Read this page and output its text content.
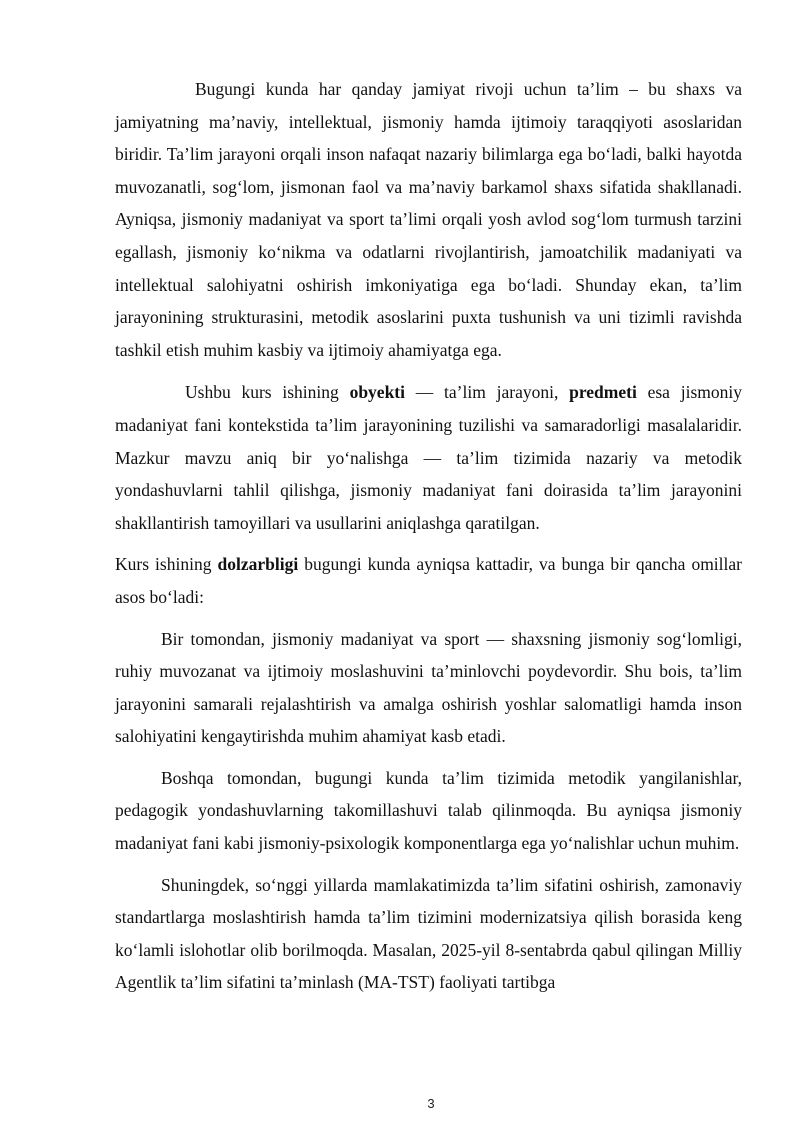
Bugungi kunda har qanday jamiyat rivoji uchun ta’lim – bu shaxs va jamiyatning ma’naviy, intellektual, jismoniy hamda ijtimoiy taraqqiyoti asoslaridan biridir. Ta’lim jarayoni orqali inson nafaqat nazariy bilimlarga ega bo‘ladi, balki hayotda muvozanatli, sog‘lom, jismonan faol va ma’naviy barkamol shaxs sifatida shakllanadi. Ayniqsa, jismoniy madaniyat va sport ta’limi orqali yosh avlod sog‘lom turmush tarzini egallash, jismoniy ko‘nikma va odatlarni rivojlantirish, jamoatchilik madaniyati va intellektual salohiyatni oshirish imkoniyatiga ega bo‘ladi. Shunday ekan, ta’lim jarayonining strukturasini, metodik asoslarini puxta tushunish va uni tizimli ravishda tashkil etish muhim kasbiy va ijtimoiy ahamiyatga ega.

Ushbu kurs ishining obyekti — ta’lim jarayoni, predmeti esa jismoniy madaniyat fani kontekstida ta’lim jarayonining tuzilishi va samaradorligi masalalaridir. Mazkur mavzu aniq bir yo‘nalishga — ta’lim tizimida nazariy va metodik yondashuvlarni tahlil qilishga, jismoniy madaniyat fani doirasida ta’lim jarayonini shakllantirish tamoyillari va usullarini aniqlashga qaratilgan.

Kurs ishining dolzarbligi bugungi kunda ayniqsa kattadir, va bunga bir qancha omillar asos bo‘ladi:

Bir tomondan, jismoniy madaniyat va sport — shaxsning jismoniy sog‘lomligi, ruhiy muvozanat va ijtimoiy moslashuvini ta’minlovchi poydevordir. Shu bois, ta’lim jarayonini samarali rejalashtirish va amalga oshirish yoshlar salomatligi hamda inson salohiyatini kengaytirishda muhim ahamiyat kasb etadi.

Boshqa tomondan, bugungi kunda ta’lim tizimida metodik yangilanishlar, pedagogik yondashuvlarning takomillashuvi talab qilinmoqda. Bu ayniqsa jismoniy madaniyat fani kabi jismoniy-psixologik komponentlarga ega yo‘nalishlar uchun muhim.

Shuningdek, so‘nggi yillarda mamlakatimizda ta’lim sifatini oshirish, zamonaviy standartlarga moslashtirish hamda ta’lim tizimini modernizatsiya qilish borasida keng ko‘lamli islohotlar olib borilmoqda. Masalan, 2025-yil 8-sentabrda qabul qilingan Milliy Agentlik ta’lim sifatini ta’minlash (MA-TST) faoliyati tartibga

3
